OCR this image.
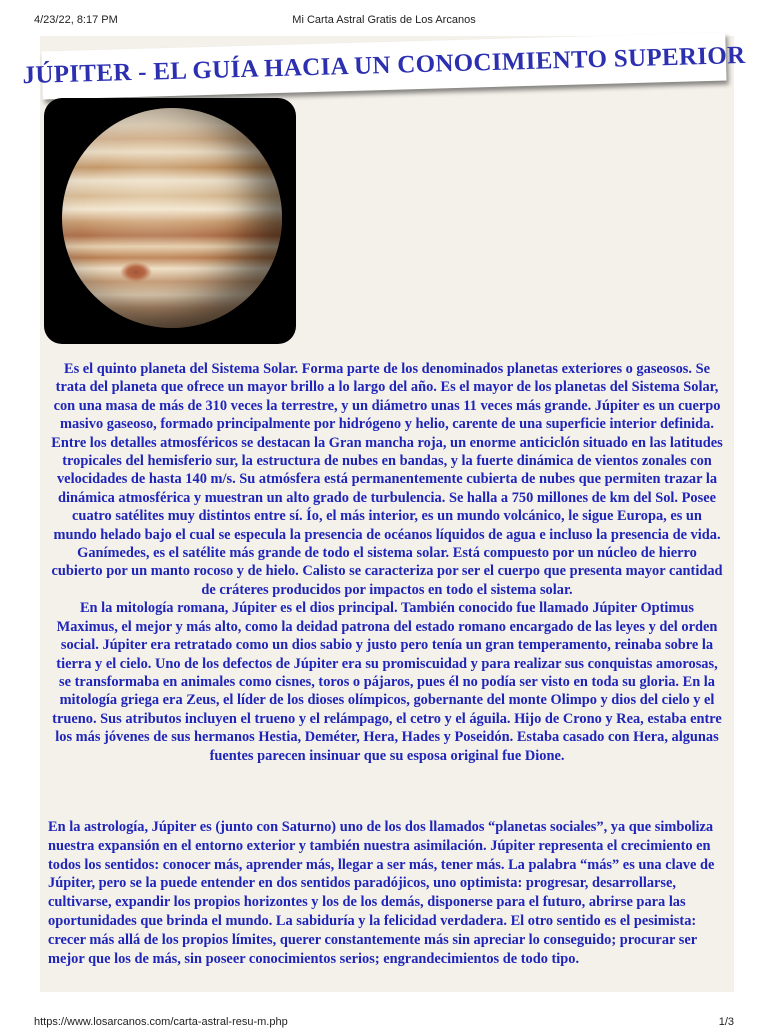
4/23/22, 8:17 PM	Mi Carta Astral Gratis de Los Arcanos
JÚPITER - EL GUÍA HACIA UN CONOCIMIENTO SUPERIOR

Es el quinto planeta del Sistema Solar. Forma parte de los denominados planetas exteriores o gaseosos. Se trata del planeta que ofrece un mayor brillo a lo largo del año. Es el mayor de los planetas del Sistema Solar, con una masa de más de 310 veces la terrestre, y un diámetro unas 11 veces más grande. Júpiter es un cuerpo masivo gaseoso, formado principalmente por hidrógeno y helio, carente de una superficie interior definida. Entre los detalles atmosféricos se destacan la Gran mancha roja, un enorme anticiclón situado en las latitudes tropicales del hemisferio sur, la estructura de nubes en bandas, y la fuerte dinámica de vientos zonales con velocidades de hasta 140 m/s. Su atmósfera está permanentemente cubierta de nubes que permiten trazar la dinámica atmosférica y muestran un alto grado de turbulencia. Se halla a 750 millones de km del Sol. Posee cuatro satélites muy distintos entre sí. Ío, el más interior, es un mundo volcánico, le sigue Europa, es un mundo helado bajo el cual se especula la presencia de océanos líquidos de agua e incluso la presencia de vida. Ganímedes, es el satélite más grande de todo el sistema solar. Está compuesto por un núcleo de hierro cubierto por un manto rocoso y de hielo. Calisto se caracteriza por ser el cuerpo que presenta mayor cantidad de cráteres producidos por impactos en todo el sistema solar.

En la mitología romana, Júpiter es el dios principal. También conocido fue llamado Júpiter Optimus Maximus, el mejor y más alto, como la deidad patrona del estado romano encargado de las leyes y del orden social. Júpiter era retratado como un dios sabio y justo pero tenía un gran temperamento, reinaba sobre la tierra y el cielo. Uno de los defectos de Júpiter era su promiscuidad y para realizar sus conquistas amorosas, se transformaba en animales como cisnes, toros o pájaros, pues él no podía ser visto en toda su gloria. En la mitología griega era Zeus, el líder de los dioses olímpicos, gobernante del monte Olimpo y dios del cielo y el trueno. Sus atributos incluyen el trueno y el relámpago, el cetro y el águila. Hijo de Crono y Rea, estaba entre los más jóvenes de sus hermanos Hestia, Deméter, Hera, Hades y Poseidón. Estaba casado con Hera, algunas fuentes parecen insinuar que su esposa original fue Dione.

En la astrología, Júpiter es (junto con Saturno) uno de los dos llamados “planetas sociales”, ya que simboliza nuestra expansión en el entorno exterior y también nuestra asimilación. Júpiter representa el crecimiento en todos los sentidos: conocer más, aprender más, llegar a ser más, tener más. La palabra “más” es una clave de Júpiter, pero se la puede entender en dos sentidos paradójicos, uno optimista: progresar, desarrollarse, cultivarse, expandir los propios horizontes y los de los demás, disponerse para el futuro, abrirse para las oportunidades que brinda el mundo. La sabiduría y la felicidad verdadera. El otro sentido es el pesimista: crecer más allá de los propios límites, querer constantemente más sin apreciar lo conseguido; procurar ser mejor que los de más, sin poseer conocimientos serios; engrandecimientos de todo tipo.

https://www.losarcanos.com/carta-astral-resu-m.php	1/3
